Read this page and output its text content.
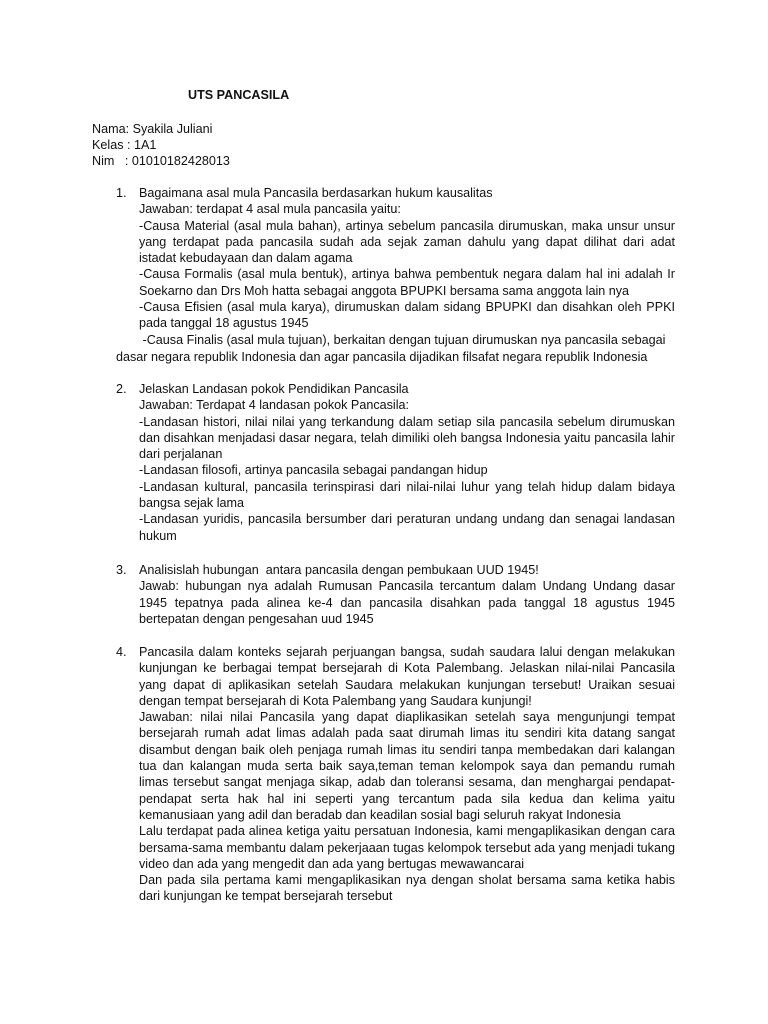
UTS PANCASILA
Nama: Syakila Juliani
Kelas : 1A1
Nim   : 01010182428013
1. Bagaimana asal mula Pancasila berdasarkan hukum kausalitas
Jawaban: terdapat 4 asal mula pancasila yaitu:
-Causa Material (asal mula bahan), artinya sebelum pancasila dirumuskan, maka unsur unsur yang terdapat pada pancasila sudah ada sejak zaman dahulu yang dapat dilihat dari adat istadat kebudayaan dan dalam agama
-Causa Formalis (asal mula bentuk), artinya bahwa pembentuk negara dalam hal ini adalah Ir Soekarno dan Drs Moh hatta sebagai anggota BPUPKI bersama sama anggota lain nya
-Causa Efisien (asal mula karya), dirumuskan dalam sidang BPUPKI dan disahkan oleh PPKI pada tanggal 18 agustus 1945
-Causa Finalis (asal mula tujuan), berkaitan dengan tujuan dirumuskan nya pancasila sebagai
dasar negara republik Indonesia dan agar pancasila dijadikan filsafat negara republik Indonesia
2. Jelaskan Landasan pokok Pendidikan Pancasila
Jawaban: Terdapat 4 landasan pokok Pancasila:
-Landasan histori, nilai nilai yang terkandung dalam setiap sila pancasila sebelum dirumuskan dan disahkan menjadasi dasar negara, telah dimiliki oleh bangsa Indonesia yaitu pancasila lahir dari perjalanan
-Landasan filosofi, artinya pancasila sebagai pandangan hidup
-Landasan kultural, pancasila terinspirasi dari nilai-nilai luhur yang telah hidup dalam bidaya bangsa sejak lama
-Landasan yuridis, pancasila bersumber dari peraturan undang undang dan senagai landasan hukum
3. Analisislah hubungan  antara pancasila dengan pembukaan UUD 1945!
Jawab: hubungan nya adalah Rumusan Pancasila tercantum dalam Undang Undang dasar 1945 tepatnya pada alinea ke-4 dan pancasila disahkan pada tanggal 18 agustus 1945 bertepatan dengan pengesahan uud 1945
4. Pancasila dalam konteks sejarah perjuangan bangsa, sudah saudara lalui dengan melakukan kunjungan ke berbagai tempat bersejarah di Kota Palembang. Jelaskan nilai-nilai Pancasila yang dapat di aplikasikan setelah Saudara melakukan kunjungan tersebut! Uraikan sesuai dengan tempat bersejarah di Kota Palembang yang Saudara kunjungi!
Jawaban: nilai nilai Pancasila yang dapat diaplikasikan setelah saya mengunjungi tempat bersejarah rumah adat limas adalah pada saat dirumah limas itu sendiri kita datang sangat disambut dengan baik oleh penjaga rumah limas itu sendiri tanpa membedakan dari kalangan tua dan kalangan muda serta baik saya,teman teman kelompok saya dan pemandu rumah limas tersebut sangat menjaga sikap, adab dan toleransi sesama, dan menghargai pendapat-pendapat serta hak hal ini seperti yang tercantum pada sila kedua dan kelima yaitu kemanusiaan yang adil dan beradab dan keadilan sosial bagi seluruh rakyat Indonesia
Lalu terdapat pada alinea ketiga yaitu persatuan Indonesia, kami mengaplikasikan dengan cara bersama-sama membantu dalam pekerjaaan tugas kelompok tersebut ada yang menjadi tukang video dan ada yang mengedit dan ada yang bertugas mewawancarai
Dan pada sila pertama kami mengaplikasikan nya dengan sholat bersama sama ketika habis dari kunjungan ke tempat bersejarah tersebut
